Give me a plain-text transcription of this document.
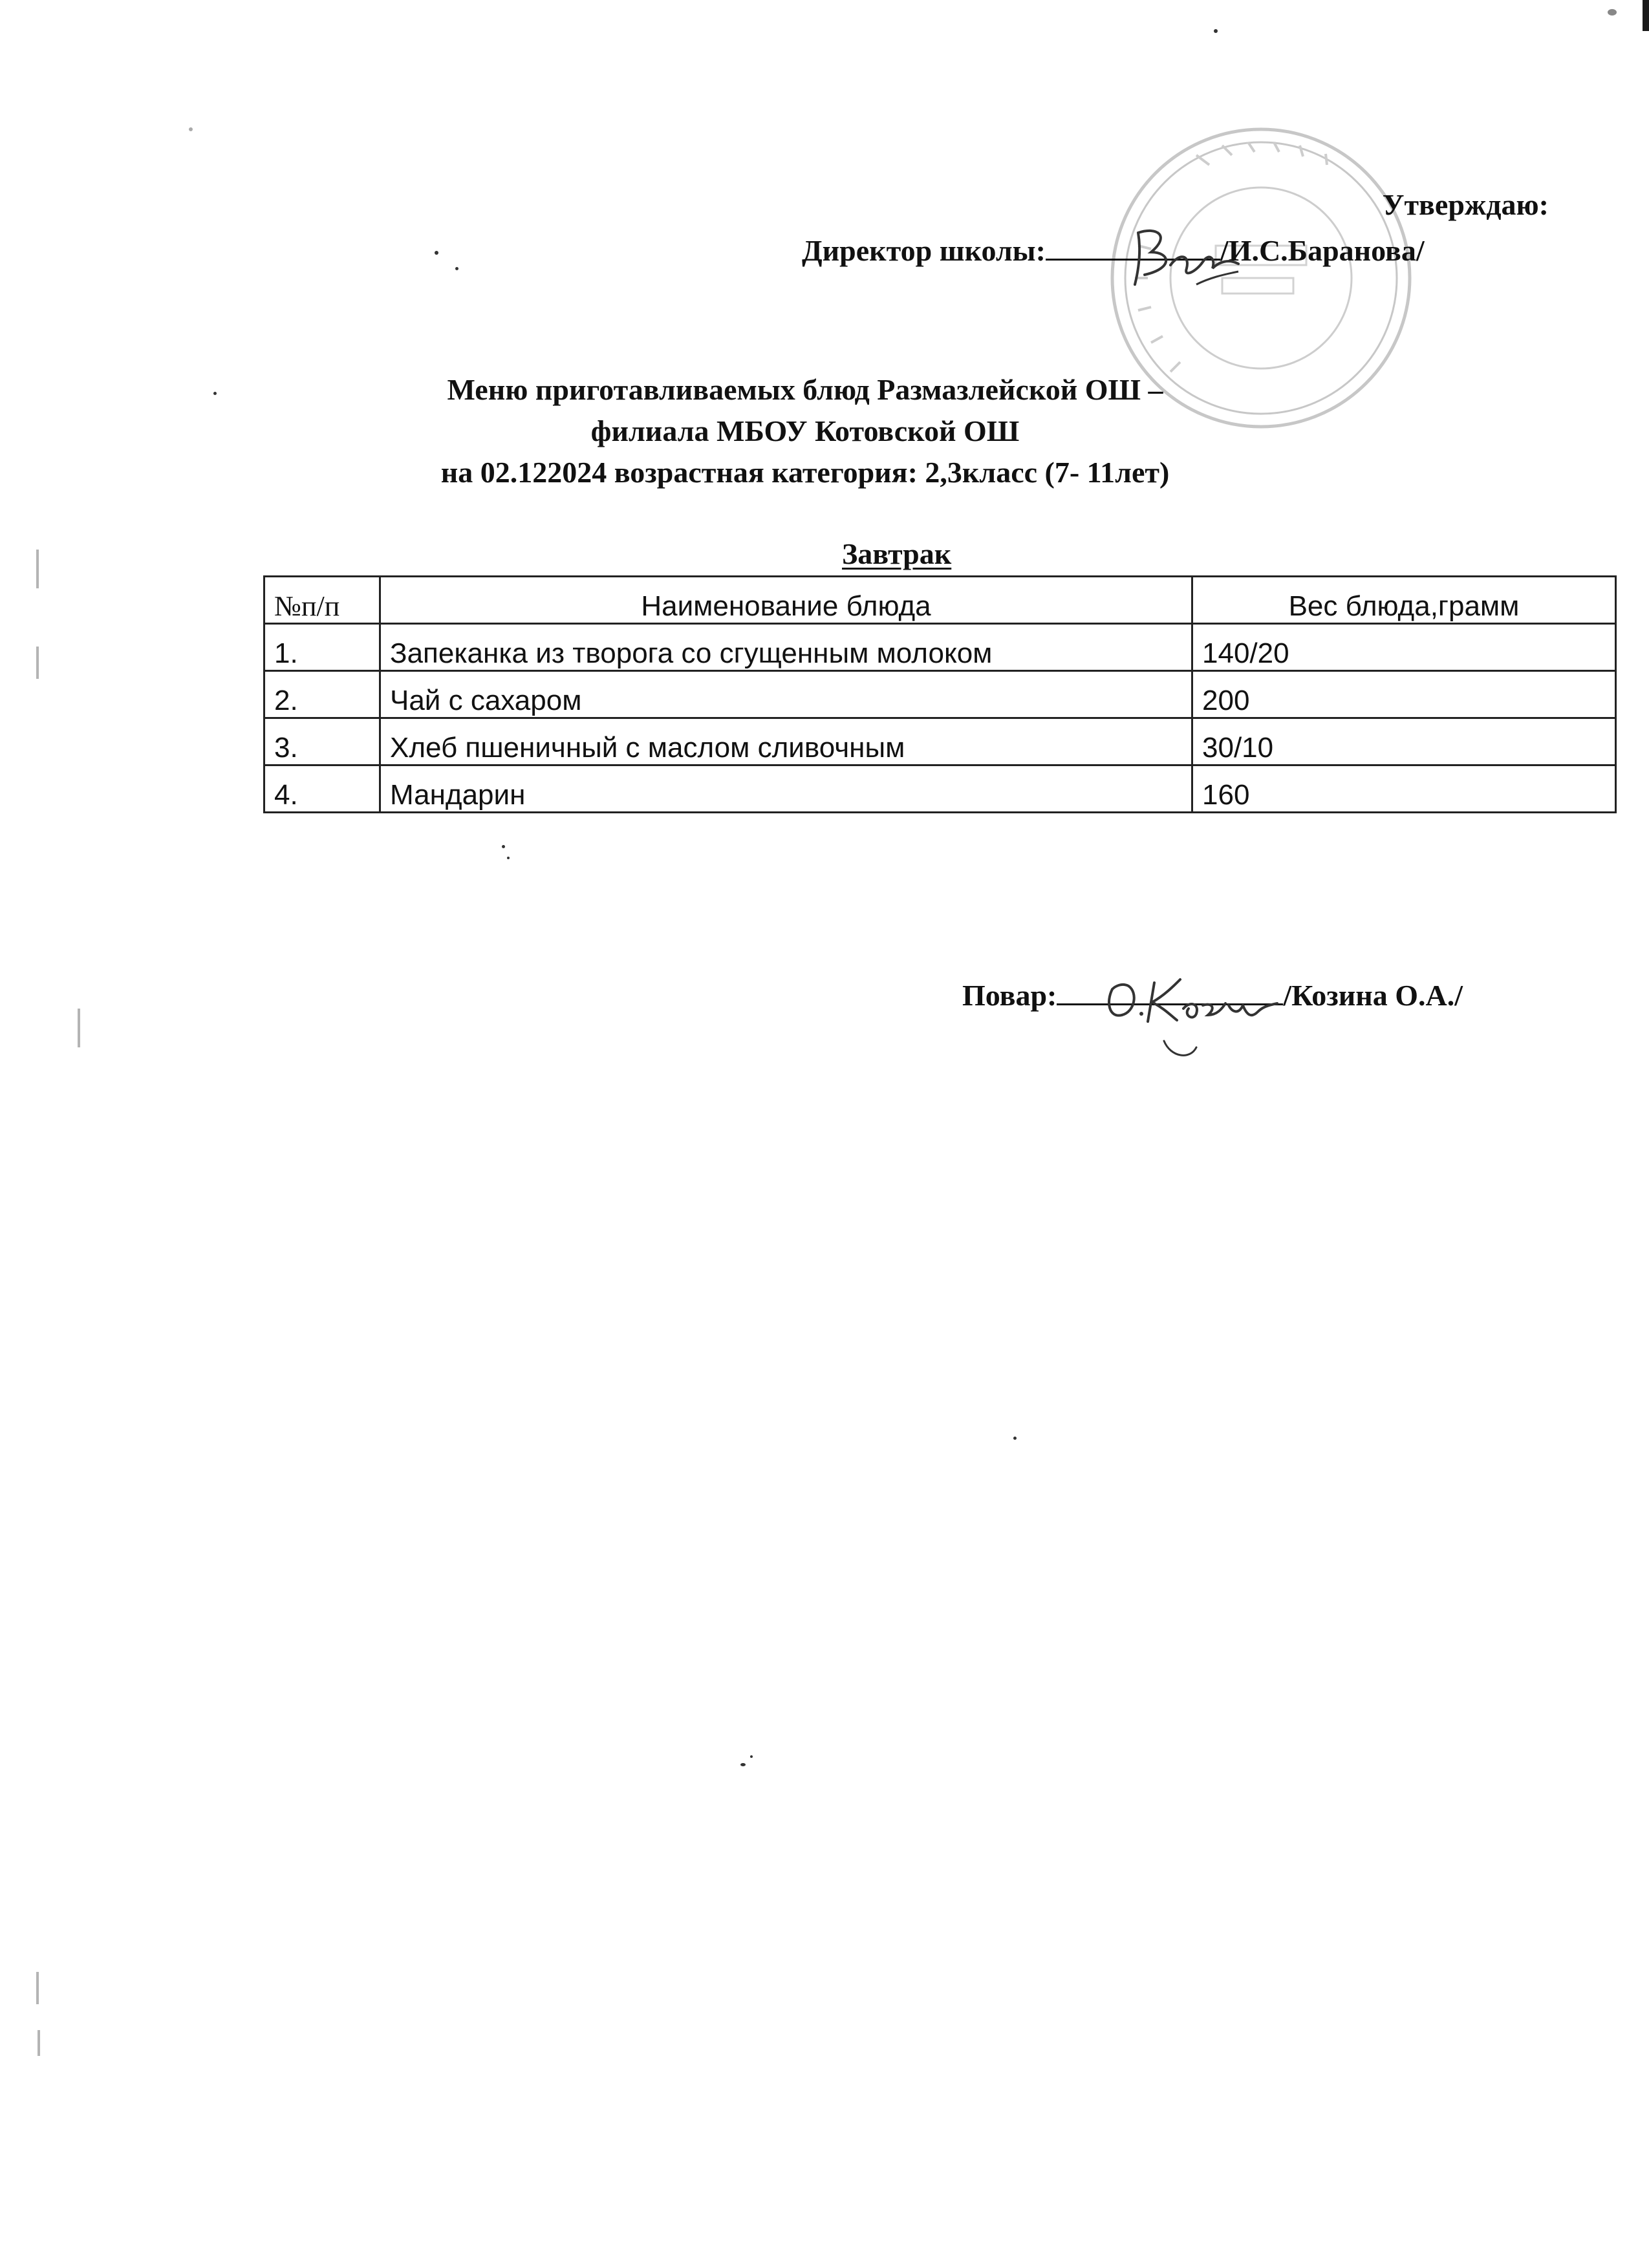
Утверждаю:
Директор школы:	/И.С.Баранова/
Меню приготавливаемых блюд Размазлейской ОШ –
филиала МБОУ Котовской ОШ
на 02.122024 возрастная категория: 2,3класс (7- 11лет)
Завтрак
№п/п	Наименование блюда	Вес блюда,грамм
1.	Запеканка из творога со сгущенным молоком	140/20
2.	Чай с сахаром	200
3.	Хлеб пшеничный с маслом сливочным	30/10
4.	Мандарин	160
Повар:	/Козина О.А./
